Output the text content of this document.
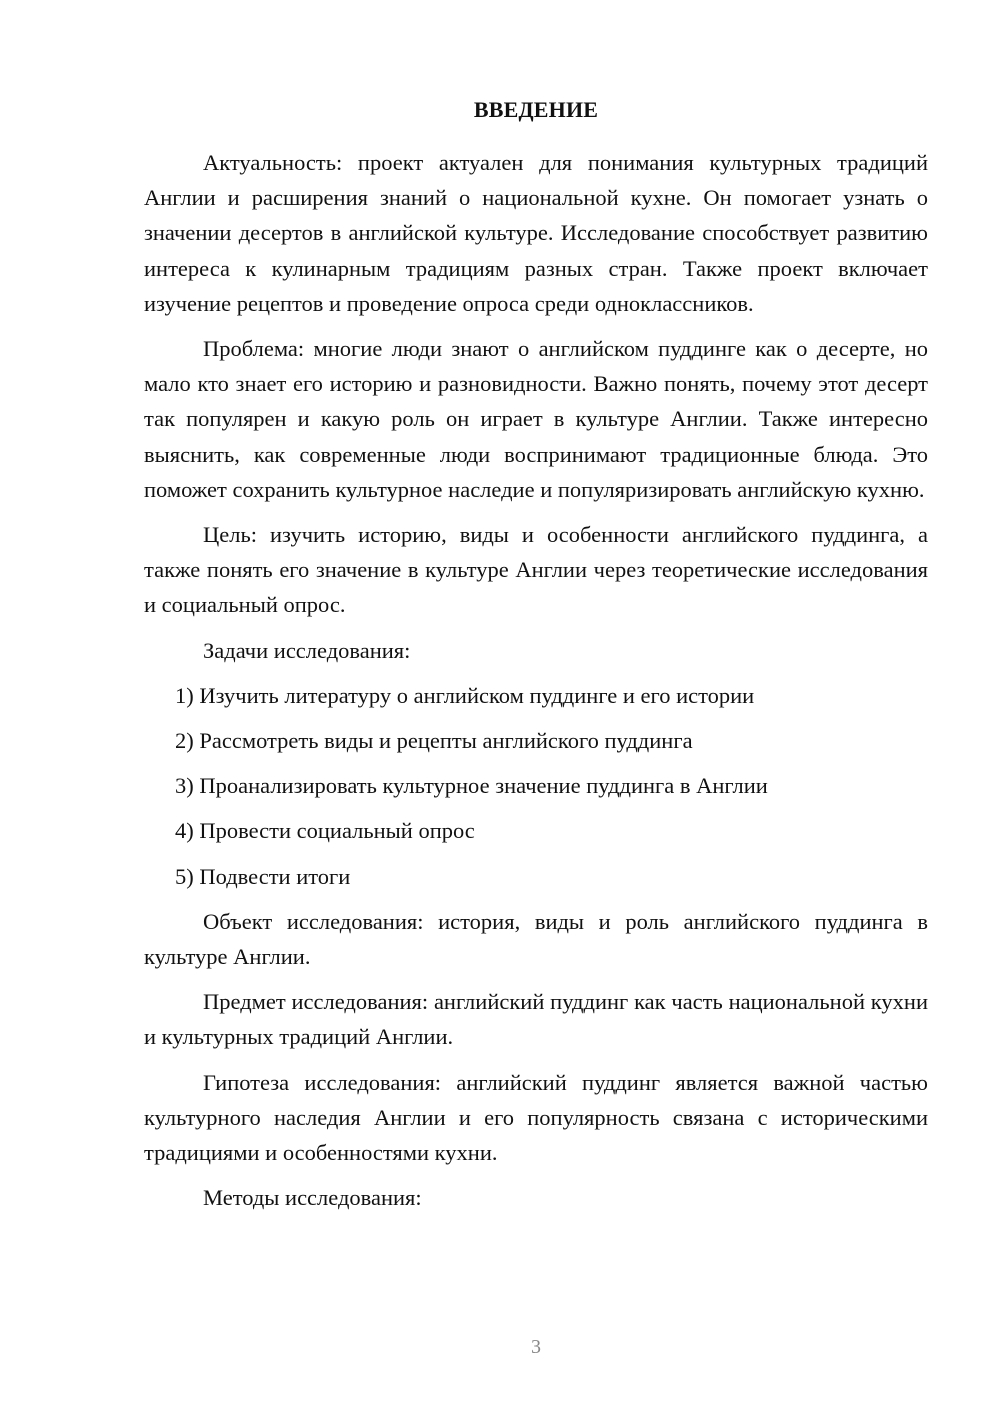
ВВЕДЕНИЕ

Актуальность: проект актуален для понимания культурных традиций Англии и расширения знаний о национальной кухне. Он помогает узнать о значении десертов в английской культуре. Исследование способствует развитию интереса к кулинарным традициям разных стран. Также проект включает изучение рецептов и проведение опроса среди одноклассников.

Проблема: многие люди знают о английском пуддинге как о десерте, но мало кто знает его историю и разновидности. Важно понять, почему этот десерт так популярен и какую роль он играет в культуре Англии. Также интересно выяснить, как современные люди воспринимают традиционные блюда. Это поможет сохранить культурное наследие и популяризировать английскую кухню.

Цель: изучить историю, виды и особенности английского пуддинга, а также понять его значение в культуре Англии через теоретические исследования и социальный опрос.

Задачи исследования:

1) Изучить литературу о английском пуддинге и его истории
2) Рассмотреть виды и рецепты английского пуддинга
3) Проанализировать культурное значение пуддинга в Англии
4) Провести социальный опрос
5) Подвести итоги

Объект исследования: история, виды и роль английского пуддинга в культуре Англии.

Предмет исследования: английский пуддинг как часть национальной кухни и культурных традиций Англии.

Гипотеза исследования: английский пуддинг является важной частью культурного наследия Англии и его популярность связана с историческими традициями и особенностями кухни.

Методы исследования:

3
